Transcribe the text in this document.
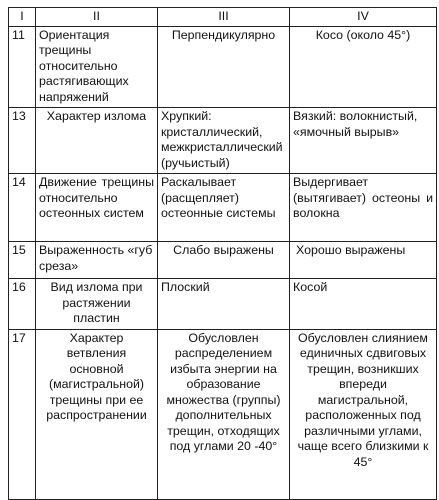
I	II	III	IV
11	Ориентация трещины относительно растягивающих напряжений	Перпендикулярно	Косо (около 45°)
13	Характер излома	Хрупкий: кристаллический, межкристаллический (ручьистый)	Вязкий: волокнистый, «ямочный вырыв»
14	Движение трещины относительно остеонных систем	Раскалывает (расщепляет) остеонные системы	Выдергивает (вытягивает) остеоны и волокна
15	Выраженность «губ среза»	Слабо выражены	Хорошо выражены
16	Вид излома при растяжении пластин	Плоский	Косой
17	Характер ветвления основной (магистральной) трещины при ее распространении	Обусловлен распределением избыта энергии на образование множества (группы) дополнительных трещин, отходящих под углами 20 -40°	Обусловлен слиянием единичных сдвиговых трещин, возникших впереди магистральной, расположенных под различными углами, чаще всего близкими к 45°
